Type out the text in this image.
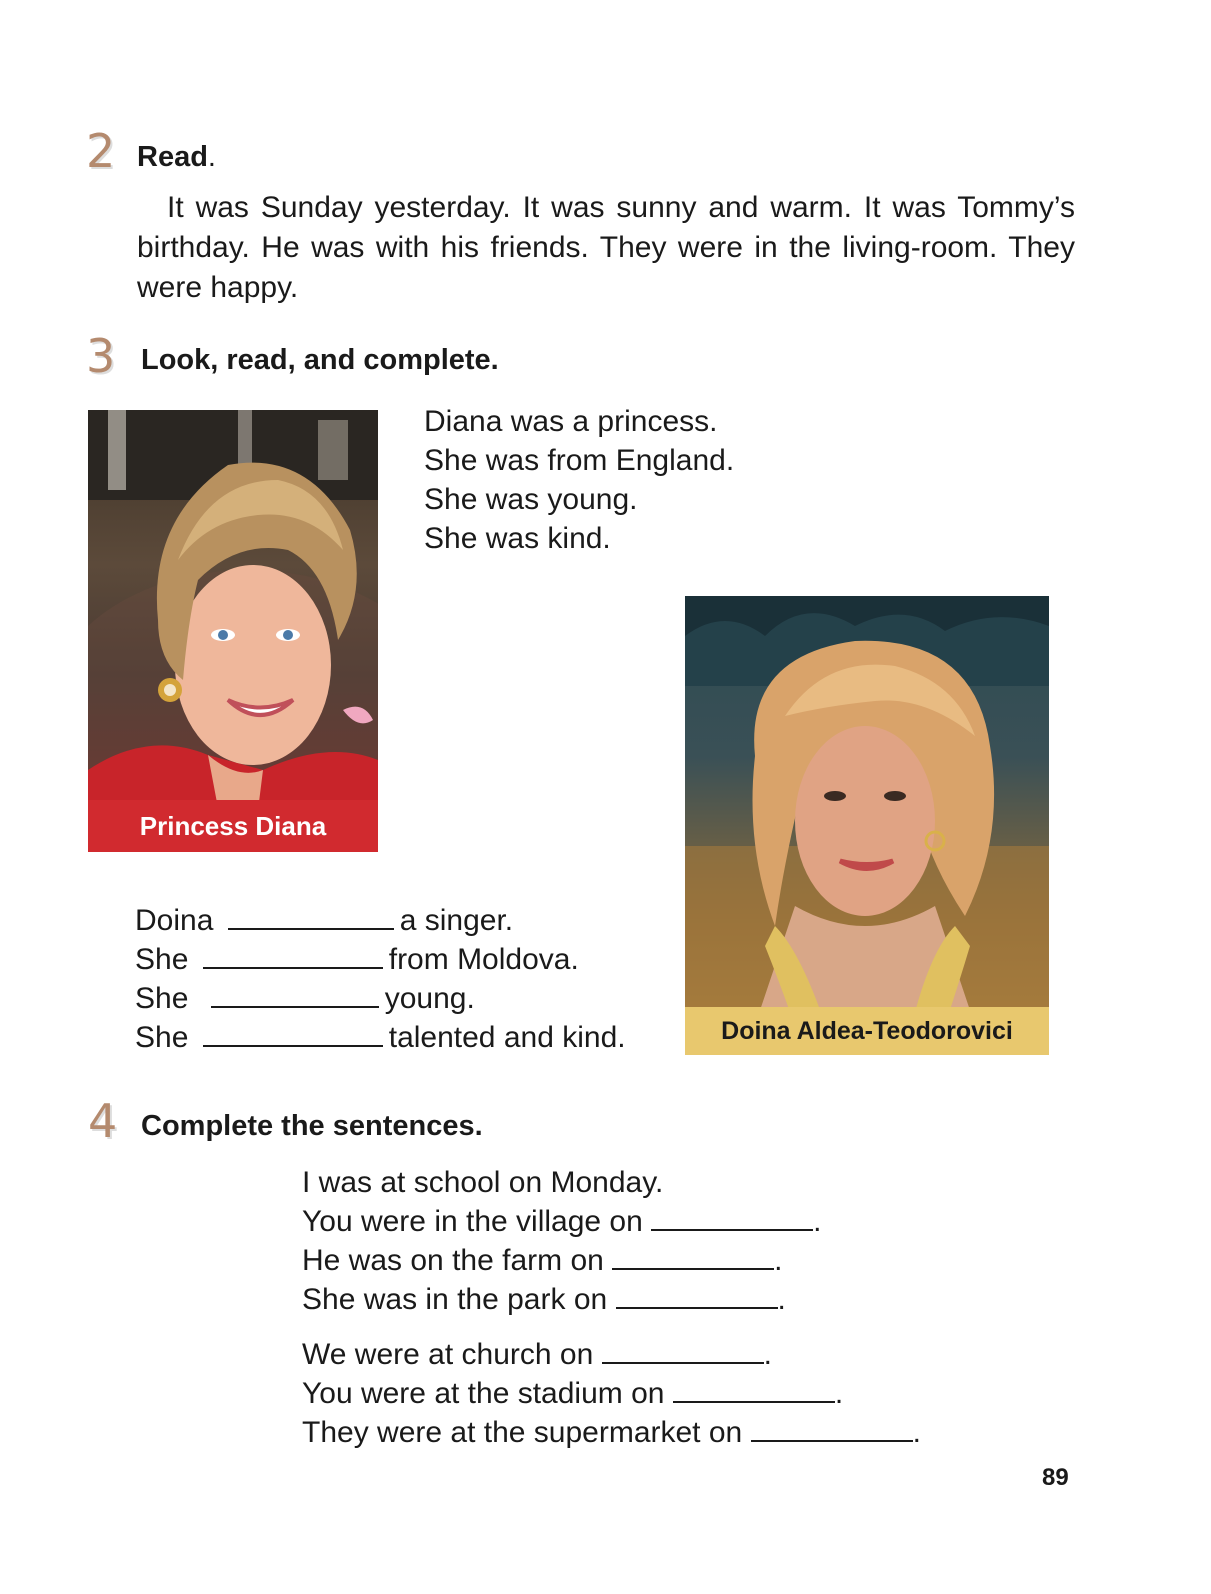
2 Read.

It was Sunday yesterday. It was sunny and warm. It was Tommy’s birthday. He was with his friends. They were in the living-room. They were happy.

3 Look, read, and complete.
Princess Diana
Diana was a princess.
She was from England.
She was young.
She was kind.
Doina Aldea-Teodorovici
Doina	a singer.
She	from Moldova.
She	young.
She	talented and kind.
4 Complete the sentences.
I was at school on Monday.
You were in the village on	.
He was on the farm on	.
She was in the park on	.
We were at church on	.
You were at the stadium on	.
They were at the supermarket on	.
89
